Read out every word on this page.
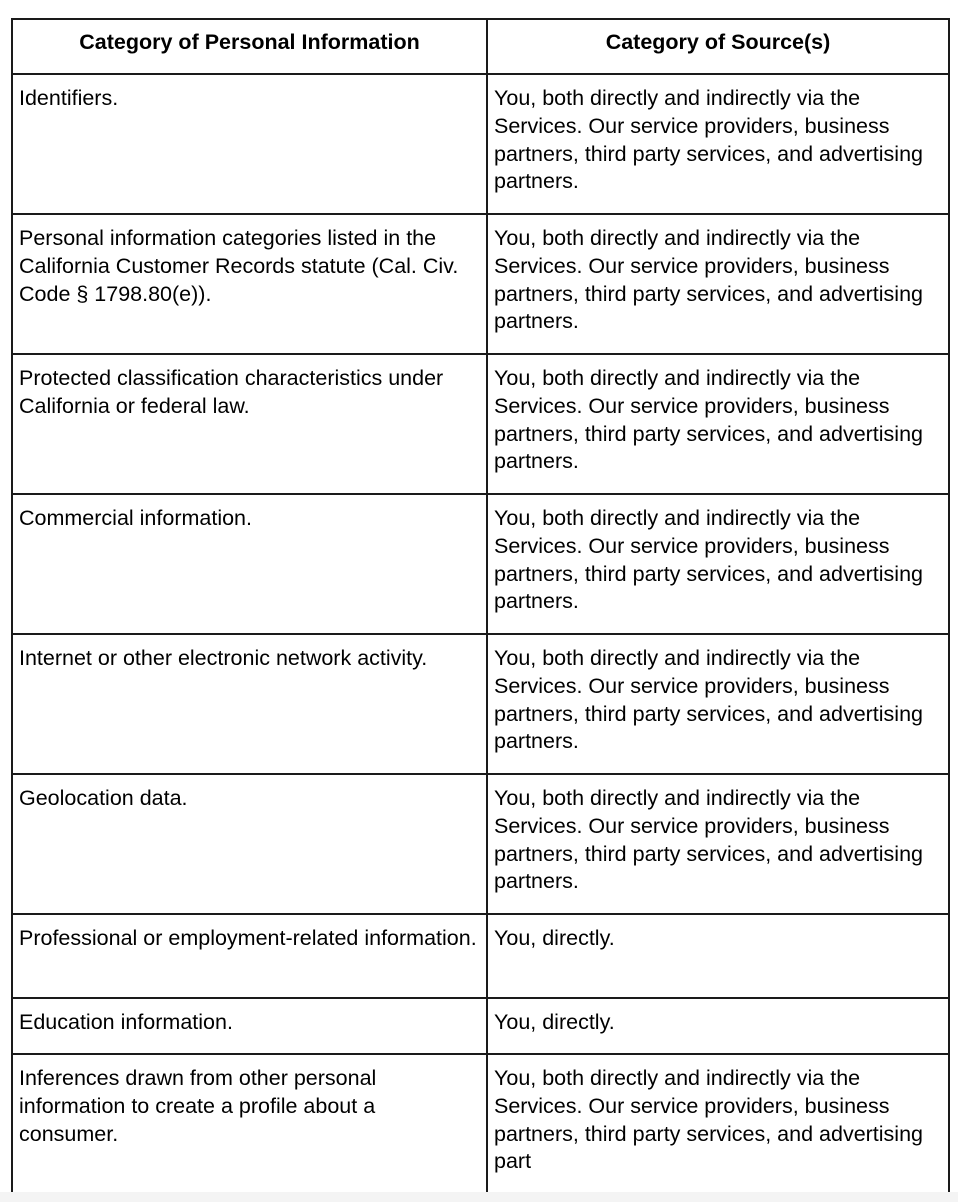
Category of Personal Information	Category of Source(s)
Identifiers.	You, both directly and indirectly via the Services. Our service providers, business partners, third party services, and advertising partners.
Personal information categories listed in the California Customer Records statute (Cal. Civ. Code § 1798.80(e)).	You, both directly and indirectly via the Services. Our service providers, business partners, third party services, and advertising partners.
Protected classification characteristics under California or federal law.	You, both directly and indirectly via the Services. Our service providers, business partners, third party services, and advertising partners.
Commercial information.	You, both directly and indirectly via the Services. Our service providers, business partners, third party services, and advertising partners.
Internet or other electronic network activity.	You, both directly and indirectly via the Services. Our service providers, business partners, third party services, and advertising partners.
Geolocation data.	You, both directly and indirectly via the Services. Our service providers, business partners, third party services, and advertising partners.
Professional or employment-related information.	You, directly.
Education information.	You, directly.
Inferences drawn from other personal information to create a profile about a consumer.	You, both directly and indirectly via the Services. Our service providers, business partners, third party services, and advertising part
